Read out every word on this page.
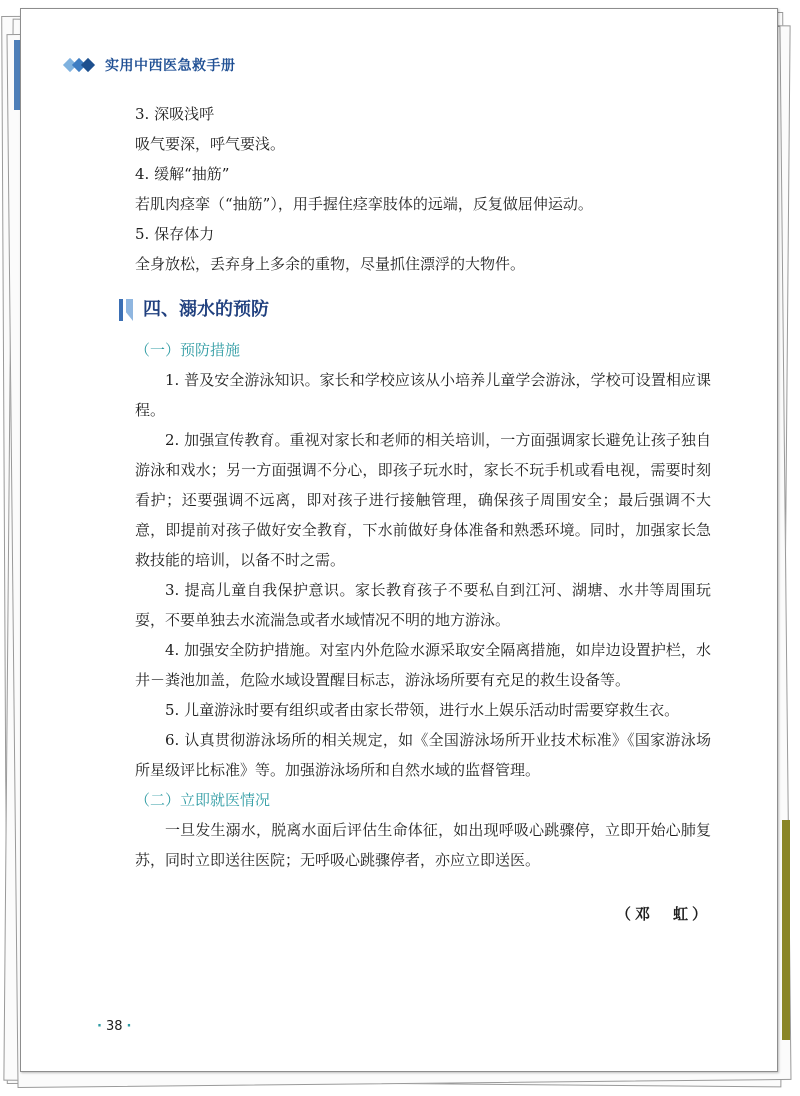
实用中西医急救手册

3. 深吸浅呼

吸气要深，呼气要浅。

4. 缓解“抽筋”

若肌肉痉挛（“抽筋”），用手握住痉挛肢体的远端，反复做屈伸运动。

5. 保存体力

全身放松，丢弃身上多余的重物，尽量抓住漂浮的大物件。

四、溺水的预防
（一）预防措施

1. 普及安全游泳知识。家长和学校应该从小培养儿童学会游泳，学校可设置相应课程。

2. 加强宣传教育。重视对家长和老师的相关培训，一方面强调家长避免让孩子独自游泳和戏水；另一方面强调不分心，即孩子玩水时，家长不玩手机或看电视，需要时刻看护；还要强调不远离，即对孩子进行接触管理，确保孩子周围安全；最后强调不大意，即提前对孩子做好安全教育，下水前做好身体准备和熟悉环境。同时，加强家长急救技能的培训，以备不时之需。

3. 提高儿童自我保护意识。家长教育孩子不要私自到江河、湖塘、水井等周围玩耍，不要单独去水流湍急或者水域情况不明的地方游泳。

4. 加强安全防护措施。对室内外危险水源采取安全隔离措施，如岸边设置护栏，水井－粪池加盖，危险水域设置醒目标志，游泳场所要有充足的救生设备等。

5. 儿童游泳时要有组织或者由家长带领，进行水上娱乐活动时需要穿救生衣。

6. 认真贯彻游泳场所的相关规定，如《全国游泳场所开业技术标准》《国家游泳场所星级评比标准》等。加强游泳场所和自然水域的监督管理。

（二）立即就医情况

一旦发生溺水，脱离水面后评估生命体征，如出现呼吸心跳骤停，立即开始心肺复苏，同时立即送往医院；无呼吸心跳骤停者，亦应立即送医。

（邓　虹）
· 38 ·
